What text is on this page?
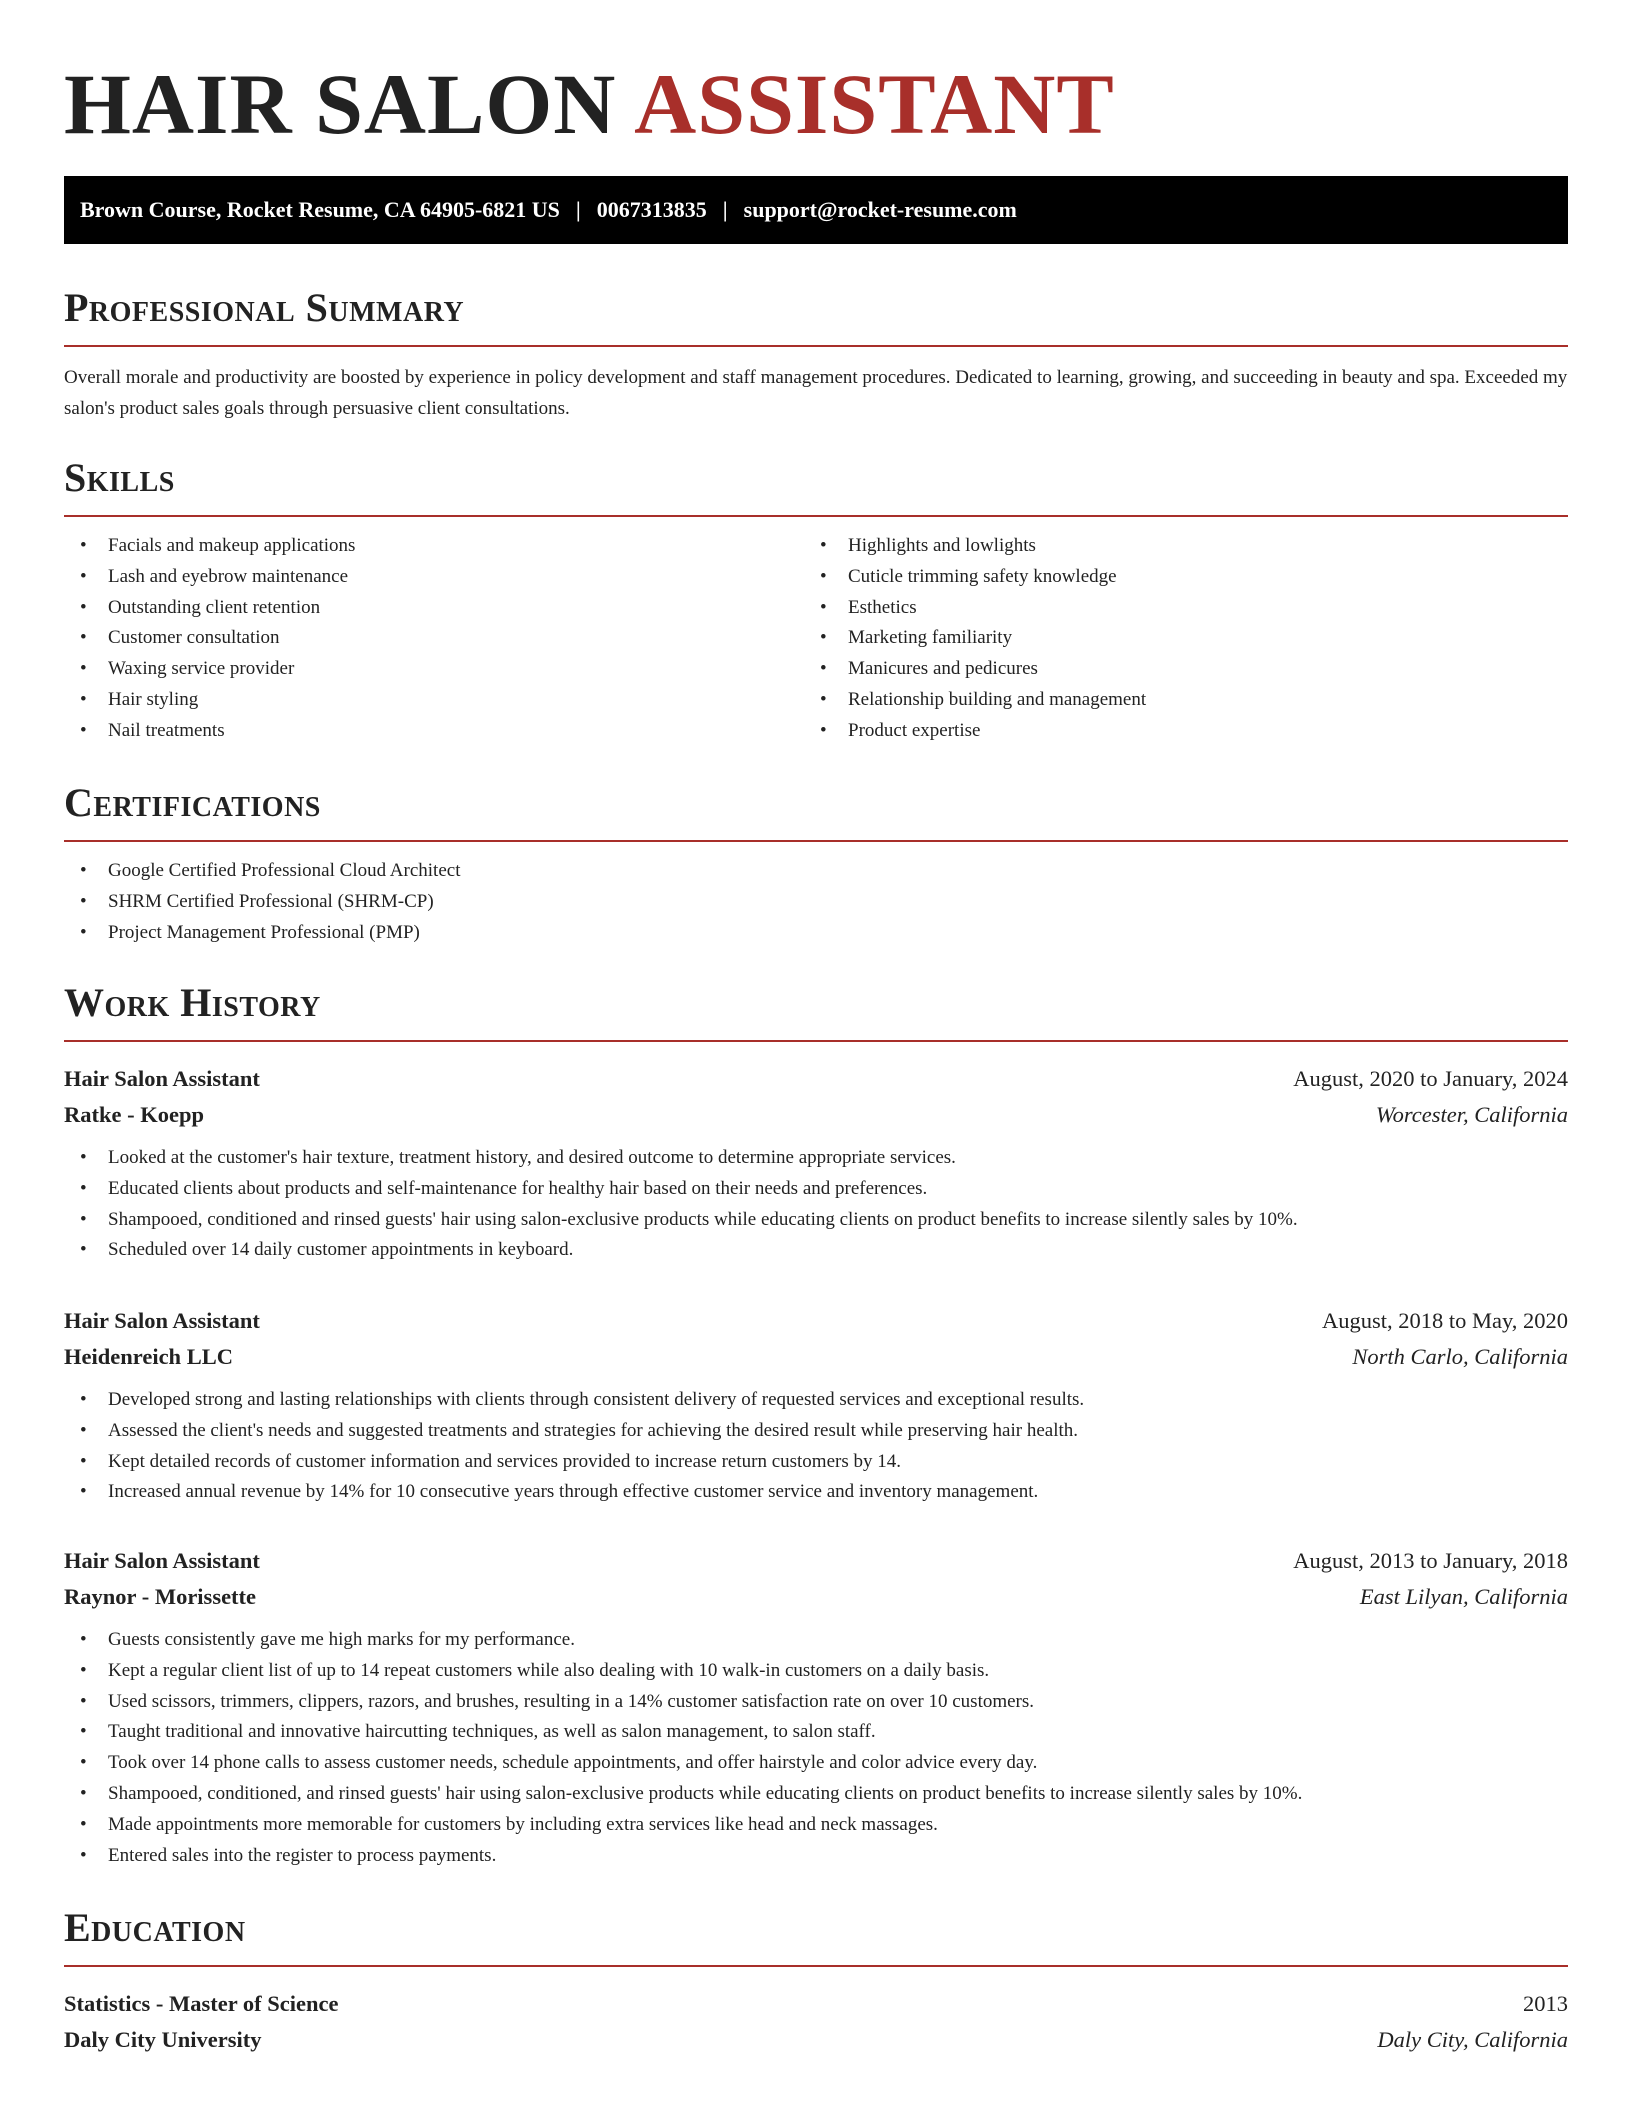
HAIR SALON ASSISTANT
Brown Course, Rocket Resume, CA 64905-6821 US | 0067313835 | support@rocket-resume.com
Professional Summary

Overall morale and productivity are boosted by experience in policy development and staff management procedures. Dedicated to learning, growing, and succeeding in beauty and spa. Exceeded my salon's product sales goals through persuasive client consultations.

Skills
• Facials and makeup applications
• Lash and eyebrow maintenance
• Outstanding client retention
• Customer consultation
• Waxing service provider
• Hair styling
• Nail treatments
• Highlights and lowlights
• Cuticle trimming safety knowledge
• Esthetics
• Marketing familiarity
• Manicures and pedicures
• Relationship building and management
• Product expertise
Certifications
• Google Certified Professional Cloud Architect
• SHRM Certified Professional (SHRM-CP)
• Project Management Professional (PMP)
Work History
Hair Salon Assistant	August, 2020 to January, 2024
Ratke - Koepp	Worcester, California
• Looked at the customer's hair texture, treatment history, and desired outcome to determine appropriate services.
• Educated clients about products and self-maintenance for healthy hair based on their needs and preferences.
• Shampooed, conditioned and rinsed guests' hair using salon-exclusive products while educating clients on product benefits to increase silently sales by 10%.
• Scheduled over 14 daily customer appointments in keyboard.
Hair Salon Assistant	August, 2018 to May, 2020
Heidenreich LLC	North Carlo, California
• Developed strong and lasting relationships with clients through consistent delivery of requested services and exceptional results.
• Assessed the client's needs and suggested treatments and strategies for achieving the desired result while preserving hair health.
• Kept detailed records of customer information and services provided to increase return customers by 14.
• Increased annual revenue by 14% for 10 consecutive years through effective customer service and inventory management.
Hair Salon Assistant	August, 2013 to January, 2018
Raynor - Morissette	East Lilyan, California
• Guests consistently gave me high marks for my performance.
• Kept a regular client list of up to 14 repeat customers while also dealing with 10 walk-in customers on a daily basis.
• Used scissors, trimmers, clippers, razors, and brushes, resulting in a 14% customer satisfaction rate on over 10 customers.
• Taught traditional and innovative haircutting techniques, as well as salon management, to salon staff.
• Took over 14 phone calls to assess customer needs, schedule appointments, and offer hairstyle and color advice every day.
• Shampooed, conditioned, and rinsed guests' hair using salon-exclusive products while educating clients on product benefits to increase silently sales by 10%.
• Made appointments more memorable for customers by including extra services like head and neck massages.
• Entered sales into the register to process payments.
Education
Statistics - Master of Science	2013
Daly City University	Daly City, California
